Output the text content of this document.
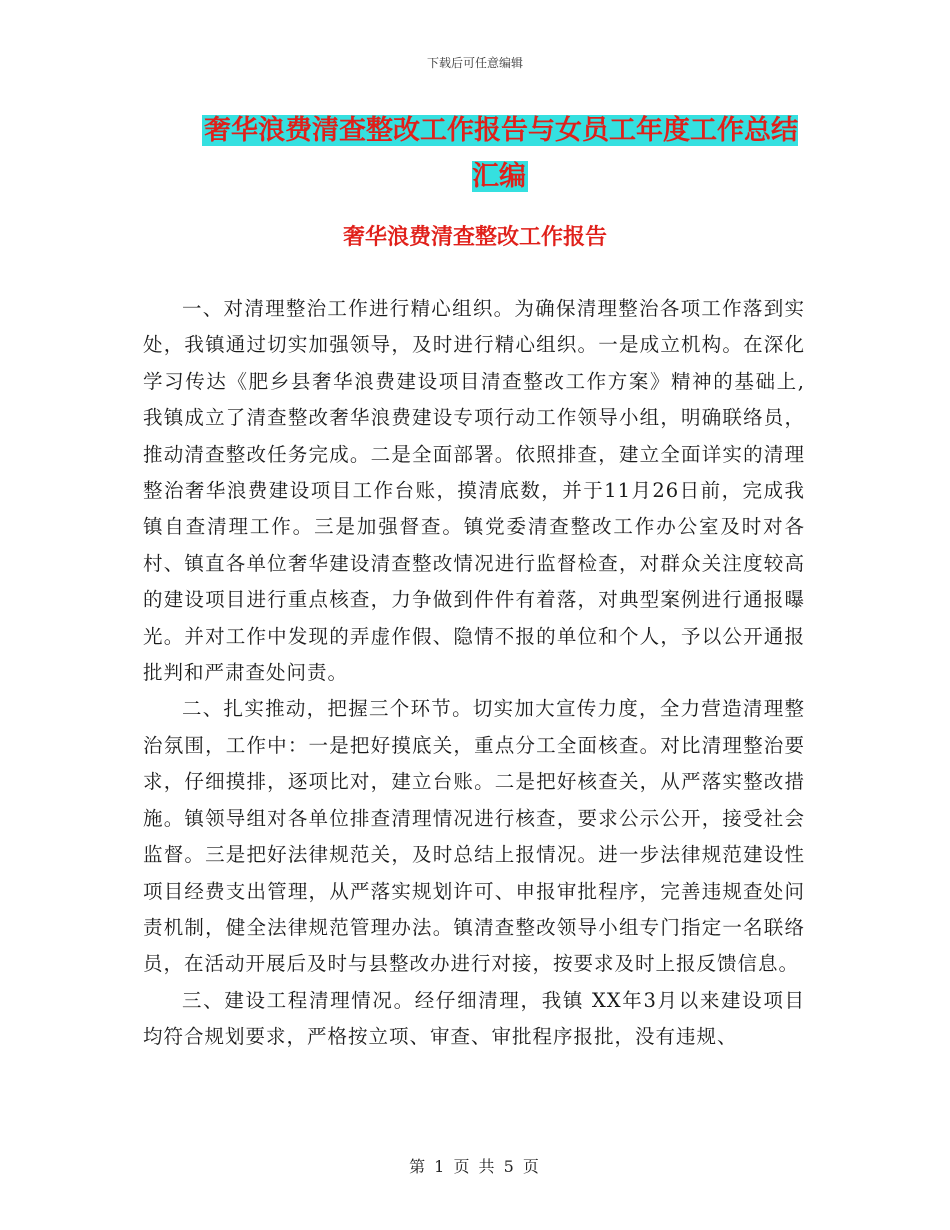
下载后可任意编辑
奢华浪费清查整改工作报告与女员工年度工作总结汇编
奢华浪费清查整改工作报告

一、对清理整治工作进行精心组织。为确保清理整治各项工作落到实处，我镇通过切实加强领导，及时进行精心组织。一是成立机构。在深化学习传达《肥乡县奢华浪费建设项目清查整改工作方案》精神的基础上,我镇成立了清查整改奢华浪费建设专项行动工作领导小组，明确联络员，推动清查整改任务完成。二是全面部署。依照排查，建立全面详实的清理整治奢华浪费建设项目工作台账，摸清底数，并于11月26日前，完成我镇自查清理工作。三是加强督查。镇党委清查整改工作办公室及时对各村、镇直各单位奢华建设清查整改情况进行监督检查，对群众关注度较高的建设项目进行重点核查，力争做到件件有着落，对典型案例进行通报曝光。并对工作中发现的弄虚作假、隐情不报的单位和个人，予以公开通报批判和严肃查处问责。

二、扎实推动，把握三个环节。切实加大宣传力度，全力营造清理整治氛围，工作中：一是把好摸底关，重点分工全面核查。对比清理整治要求，仔细摸排，逐项比对，建立台账。二是把好核查关，从严落实整改措施。镇领导组对各单位排查清理情况进行核查，要求公示公开，接受社会监督。三是把好法律规范关，及时总结上报情况。进一步法律规范建设性项目经费支出管理，从严落实规划许可、申报审批程序，完善违规查处问责机制，健全法律规范管理办法。镇清查整改领导小组专门指定一名联络员，在活动开展后及时与县整改办进行对接，按要求及时上报反馈信息。

三、建设工程清理情况。经仔细清理，我镇 XX年3月以来建设项目均符合规划要求，严格按立项、审查、审批程序报批，没有违规、

第 1 页 共 5 页
